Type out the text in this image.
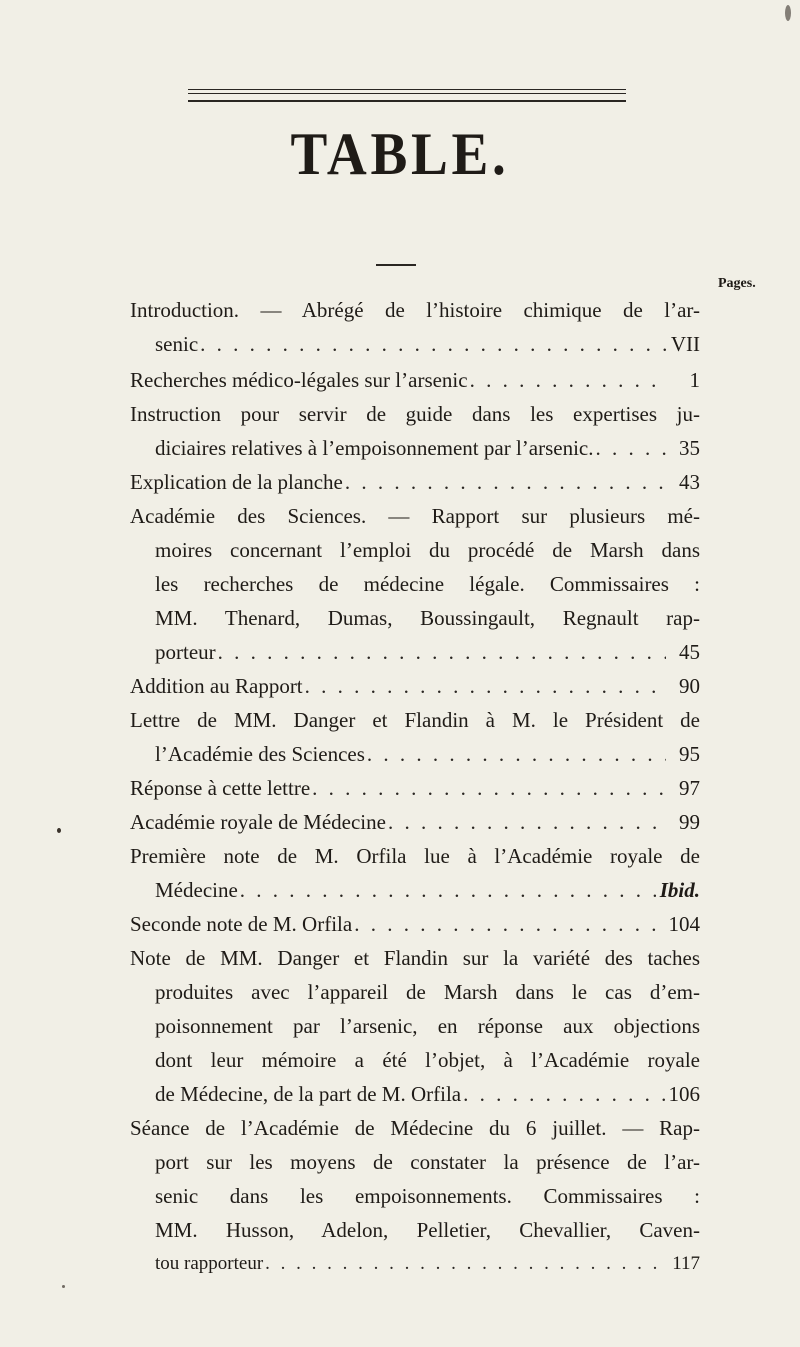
TABLE.
Pages.
Introduction. — Abrégé de l’histoire chimique de l’ar-
senic . . .	VII
Recherches médico-légales sur l’arsenic . . .	1
Instruction pour servir de guide dans les expertises ju-
diciaires relatives à l’empoisonnement par l’arsenic. . . .	35
Explication de la planche . . .	43
Académie des Sciences. — Rapport sur plusieurs mé-
moires concernant l’emploi du procédé de Marsh dans
les recherches de médecine légale. Commissaires :
MM. Thenard, Dumas, Boussingault, Regnault rap-
porteur . . .	45
Addition au Rapport . . .	90
Lettre de MM. Danger et Flandin à M. le Président de
l’Académie des Sciences . . .	95
Réponse à cette lettre . . .	97
Académie royale de Médecine . . .	99
Première note de M. Orfila lue à l’Académie royale de
Médecine . . .	Ibid.
Seconde note de M. Orfila . . .	104
Note de MM. Danger et Flandin sur la variété des taches
produites avec l’appareil de Marsh dans le cas d’em-
poisonnement par l’arsenic, en réponse aux objections
dont leur mémoire a été l’objet, à l’Académie royale
de Médecine, de la part de M. Orfila . . .	106
Séance de l’Académie de Médecine du 6 juillet. — Rap-
port sur les moyens de constater la présence de l’ar-
senic dans les empoisonnements. Commissaires :
MM. Husson, Adelon, Pelletier, Chevallier, Caven-
tou rapporteur . . .	117
